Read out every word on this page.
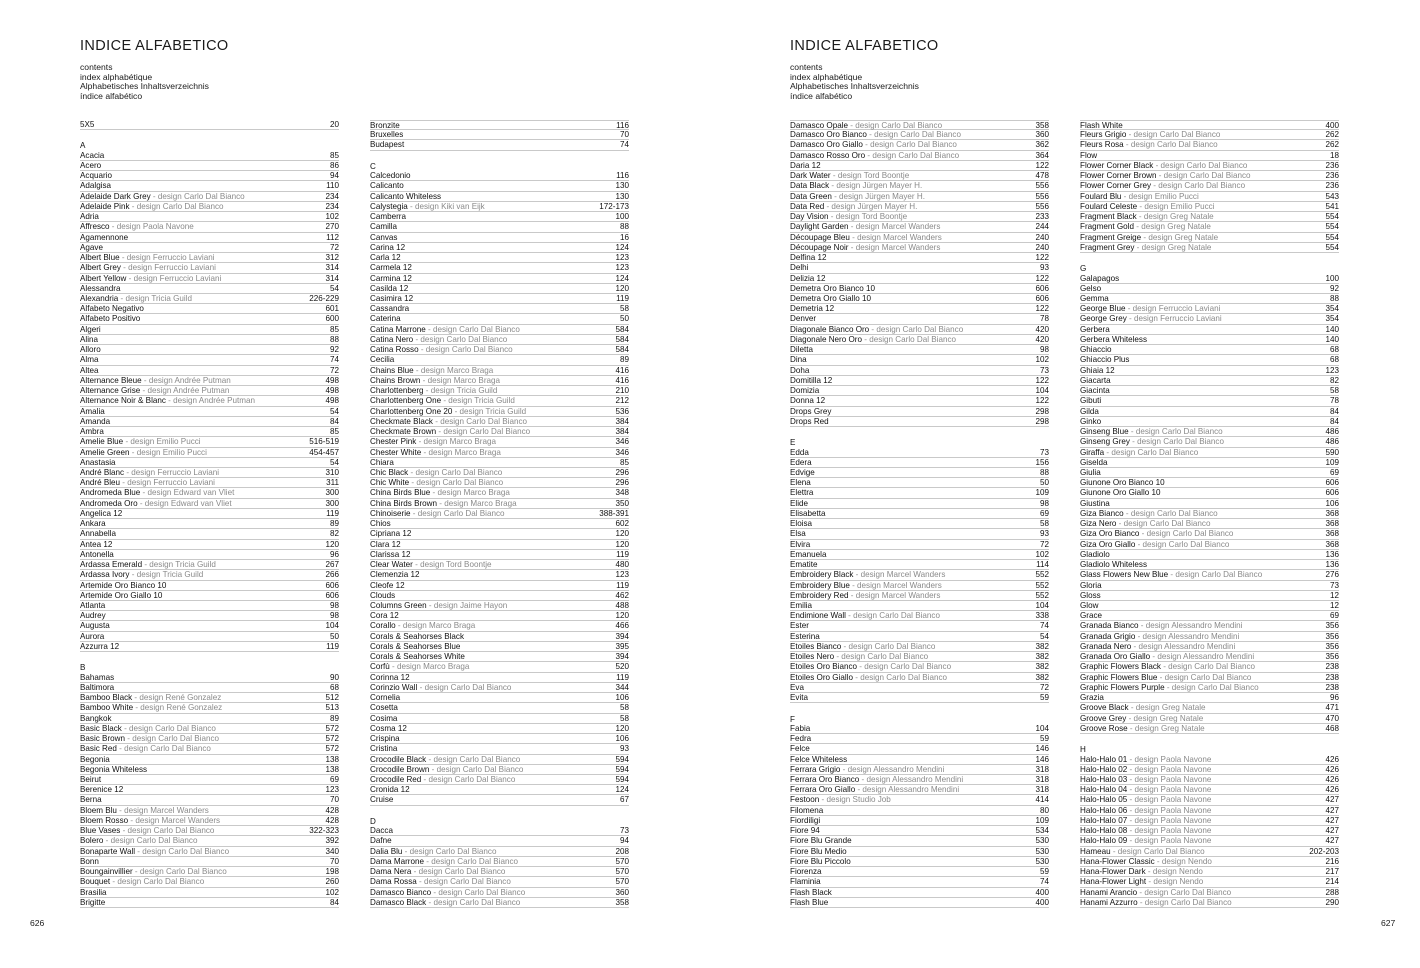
INDICE ALFABETICO
contents
index alphabétique
Alphabetisches Inhaltsverzeichnis
índice alfabético
5X5	20
A
Acacia	85
Acero	86
Acquario	94
Adalgisa	110
Adelaide Dark Grey - design Carlo Dal Bianco	234
Adelaide Pink - design Carlo Dal Bianco	234
Adria	102
Affresco - design Paola Navone	270
Agamennone	112
Agave	72
Albert Blue - design Ferruccio Laviani	312
Albert Grey - design Ferruccio Laviani	314
Albert Yellow - design Ferruccio Laviani	314
Alessandra	54
Alexandria - design Tricia Guild	226-229
Alfabeto Negativo	601
Alfabeto Positivo	600
Algeri	85
Alina	88
Alloro	92
Alma	74
Altea	72
Alternance Bleue - design Andrée Putman	498
Alternance Grise - design Andrée Putman	498
Alternance Noir & Blanc - design Andrée Putman	498
Amalia	54
Amanda	84
Ambra	85
Amelie Blue - design Emilio Pucci	516-519
Amelie Green - design Emilio Pucci	454-457
Anastasia	54
André Blanc - design Ferruccio Laviani	310
André Bleu - design Ferruccio Laviani	311
Andromeda Blue - design Edward van Vliet	300
Andromeda Oro - design Edward van Vliet	300
Angelica 12	119
Ankara	89
Annabella	82
Antea 12	120
Antonella	96
Ardassa Emerald - design Tricia Guild	267
Ardassa Ivory - design Tricia Guild	266
Artemide Oro Bianco 10	606
Artemide Oro Giallo 10	606
Atlanta	98
Audrey	98
Augusta	104
Aurora	50
Azzurra 12	119
B
Bahamas	90
Baltimora	68
Bamboo Black - design René Gonzalez	512
Bamboo White - design René Gonzalez	513
Bangkok	89
Basic Black - design Carlo Dal Bianco	572
Basic Brown - design Carlo Dal Bianco	572
Basic Red - design Carlo Dal Bianco	572
Begonia	138
Begonia Whiteless	138
Beirut	69
Berenice 12	123
Berna	70
Bloem Blu - design Marcel Wanders	428
Bloem Rosso - design Marcel Wanders	428
Blue Vases - design Carlo Dal Bianco	322-323
Bolero - design Carlo Dal Bianco	392
Bonaparte Wall - design Carlo Dal Bianco	340
Bonn	70
Boungainvillier - design Carlo Dal Bianco	198
Bouquet - design Carlo Dal Bianco	260
Brasilia	102
Brigitte	84
Bronzite	116
Bruxelles	70
Budapest	74
C
Calcedonio	116
Calicanto	130
Calicanto Whiteless	130
Calystegia - design Kiki van Eijk	172-173
Camberra	100
Camilla	88
Canvas	16
Carina 12	124
Carla 12	123
Carmela 12	123
Carmina 12	124
Casilda 12	120
Casimira 12	119
Cassandra	58
Caterina	50
Catina Marrone - design Carlo Dal Bianco	584
Catina Nero - design Carlo Dal Bianco	584
Catina Rosso - design Carlo Dal Bianco	584
Cecilia	89
Chains Blue - design Marco Braga	416
Chains Brown - design Marco Braga	416
Charlottenberg - design Tricia Guild	210
Charlottenberg One - design Tricia Guild	212
Charlottenberg One 20 - design Tricia Guild	536
Checkmate Black - design Carlo Dal Bianco	384
Checkmate Brown - design Carlo Dal Bianco	384
Chester Pink - design Marco Braga	346
Chester White - design Marco Braga	346
Chiara	85
Chic Black - design Carlo Dal Bianco	296
Chic White - design Carlo Dal Bianco	296
China Birds Blue - design Marco Braga	348
China Birds Brown - design Marco Braga	350
Chinoiserie - design Carlo Dal Bianco	388-391
Chios	602
Cipriana 12	120
Clara 12	120
Clarissa 12	119
Clear Water - design Tord Boontje	480
Clemenzia 12	123
Cleofe 12	119
Clouds	462
Columns Green - design Jaime Hayon	488
Cora 12	120
Corallo - design Marco Braga	466
Corals & Seahorses Black	394
Corals & Seahorses Blue	395
Corals & Seahorses White	394
Corfù - design Marco Braga	520
Corinna 12	119
Corinzio Wall - design Carlo Dal Bianco	344
Cornelia	106
Cosetta	58
Cosima	58
Cosma 12	120
Crispina	106
Cristina	93
Crocodile Black - design Carlo Dal Bianco	594
Crocodile Brown - design Carlo Dal Bianco	594
Crocodile Red - design Carlo Dal Bianco	594
Cronida 12	124
Cruise	67
D
Dacca	73
Dafne	94
Dalia Blu - design Carlo Dal Bianco	208
Dama Marrone - design Carlo Dal Bianco	570
Dama Nera - design Carlo Dal Bianco	570
Dama Rossa - design Carlo Dal Bianco	570
Damasco Bianco - design Carlo Dal Bianco	360
Damasco Black - design Carlo Dal Bianco	358
626
INDICE ALFABETICO
contents
index alphabétique
Alphabetisches Inhaltsverzeichnis
índice alfabético
Damasco Opale - design Carlo Dal Bianco	358
Damasco Oro Bianco - design Carlo Dal Bianco	360
Damasco Oro Giallo - design Carlo Dal Bianco	362
Damasco Rosso Oro - design Carlo Dal Bianco	364
Daria 12	122
Dark Water - design Tord Boontje	478
Data Black - design Jürgen Mayer H.	556
Data Green - design Jürgen Mayer H.	556
Data Red - design Jürgen Mayer H.	556
Day Vision - design Tord Boontje	233
Daylight Garden - design Marcel Wanders	244
Découpage Bleu - design Marcel Wanders	240
Découpage Noir - design Marcel Wanders	240
Delfina 12	122
Delhi	93
Delizia 12	122
Demetra Oro Bianco 10	606
Demetra Oro Giallo 10	606
Demetria 12	122
Denver	78
Diagonale Bianco Oro - design Carlo Dal Bianco	420
Diagonale Nero Oro - design Carlo Dal Bianco	420
Diletta	98
Dina	102
Doha	73
Domitilla 12	122
Domizia	104
Donna 12	122
Drops Grey	298
Drops Red	298
E
Edda	73
Edera	156
Edvige	88
Elena	50
Elettra	109
Elide	98
Elisabetta	69
Eloisa	58
Elsa	93
Elvira	72
Emanuela	102
Ematite	114
Embroidery Black - design Marcel Wanders	552
Embroidery Blue - design Marcel Wanders	552
Embroidery Red - design Marcel Wanders	552
Emilia	104
Endimione Wall - design Carlo Dal Bianco	338
Ester	74
Esterina	54
Etoiles Bianco - design Carlo Dal Bianco	382
Etoiles Nero - design Carlo Dal Bianco	382
Etoiles Oro Bianco - design Carlo Dal Bianco	382
Etoiles Oro Giallo - design Carlo Dal Bianco	382
Eva	72
Evita	59
F
Fabia	104
Fedra	59
Felce	146
Felce Whiteless	146
Ferrara Grigio - design Alessandro Mendini	318
Ferrara Oro Bianco - design Alessandro Mendini	318
Ferrara Oro Giallo - design Alessandro Mendini	318
Festoon - design Studio Job	414
Filomena	80
Fiordiligi	109
Fiore 94	534
Fiore Blu Grande	530
Fiore Blu Medio	530
Fiore Blu Piccolo	530
Fiorenza	59
Flaminia	74
Flash Black	400
Flash Blue	400
Flash White	400
Fleurs Grigio - design Carlo Dal Bianco	262
Fleurs Rosa - design Carlo Dal Bianco	262
Flow	18
Flower Corner Black - design Carlo Dal Bianco	236
Flower Corner Brown - design Carlo Dal Bianco	236
Flower Corner Grey - design Carlo Dal Bianco	236
Foulard Blu - design Emilio Pucci	543
Foulard Celeste - design Emilio Pucci	541
Fragment Black - design Greg Natale	554
Fragment Gold - design Greg Natale	554
Fragment Greige - design Greg Natale	554
Fragment Grey - design Greg Natale	554
G
Galapagos	100
Gelso	92
Gemma	88
George Blue - design Ferruccio Laviani	354
George Grey - design Ferruccio Laviani	354
Gerbera	140
Gerbera Whiteless	140
Ghiaccio	68
Ghiaccio Plus	68
Ghiaia 12	123
Giacarta	82
Giacinta	58
Gibuti	78
Gilda	84
Ginko	84
Ginseng Blue - design Carlo Dal Bianco	486
Ginseng Grey - design Carlo Dal Bianco	486
Giraffa - design Carlo Dal Bianco	590
Giselda	109
Giulia	69
Giunone Oro Bianco 10	606
Giunone Oro Giallo 10	606
Giustina	106
Giza Bianco - design Carlo Dal Bianco	368
Giza Nero - design Carlo Dal Bianco	368
Giza Oro Bianco - design Carlo Dal Bianco	368
Giza Oro Giallo - design Carlo Dal Bianco	368
Gladiolo	136
Gladiolo Whiteless	136
Glass Flowers New Blue - design Carlo Dal Bianco	276
Gloria	73
Gloss	12
Glow	12
Grace	69
Granada Bianco - design Alessandro Mendini	356
Granada Grigio - design Alessandro Mendini	356
Granada Nero - design Alessandro Mendini	356
Granada Oro Giallo - design Alessandro Mendini	356
Graphic Flowers Black - design Carlo Dal Bianco	238
Graphic Flowers Blue - design Carlo Dal Bianco	238
Graphic Flowers Purple - design Carlo Dal Bianco	238
Grazia	96
Groove Black - design Greg Natale	471
Groove Grey - design Greg Natale	470
Groove Rose - design Greg Natale	468
H
Halo-Halo 01 - design Paola Navone	426
Halo-Halo 02 - design Paola Navone	426
Halo-Halo 03 - design Paola Navone	426
Halo-Halo 04 - design Paola Navone	426
Halo-Halo 05 - design Paola Navone	427
Halo-Halo 06 - design Paola Navone	427
Halo-Halo 07 - design Paola Navone	427
Halo-Halo 08 - design Paola Navone	427
Halo-Halo 09 - design Paola Navone	427
Hameau - design Carlo Dal Bianco	202-203
Hana-Flower Classic - design Nendo	216
Hana-Flower Dark - design Nendo	217
Hana-Flower Light - design Nendo	214
Hanami Arancio - design Carlo Dal Bianco	288
Hanami Azzurro - design Carlo Dal Bianco	290
627
